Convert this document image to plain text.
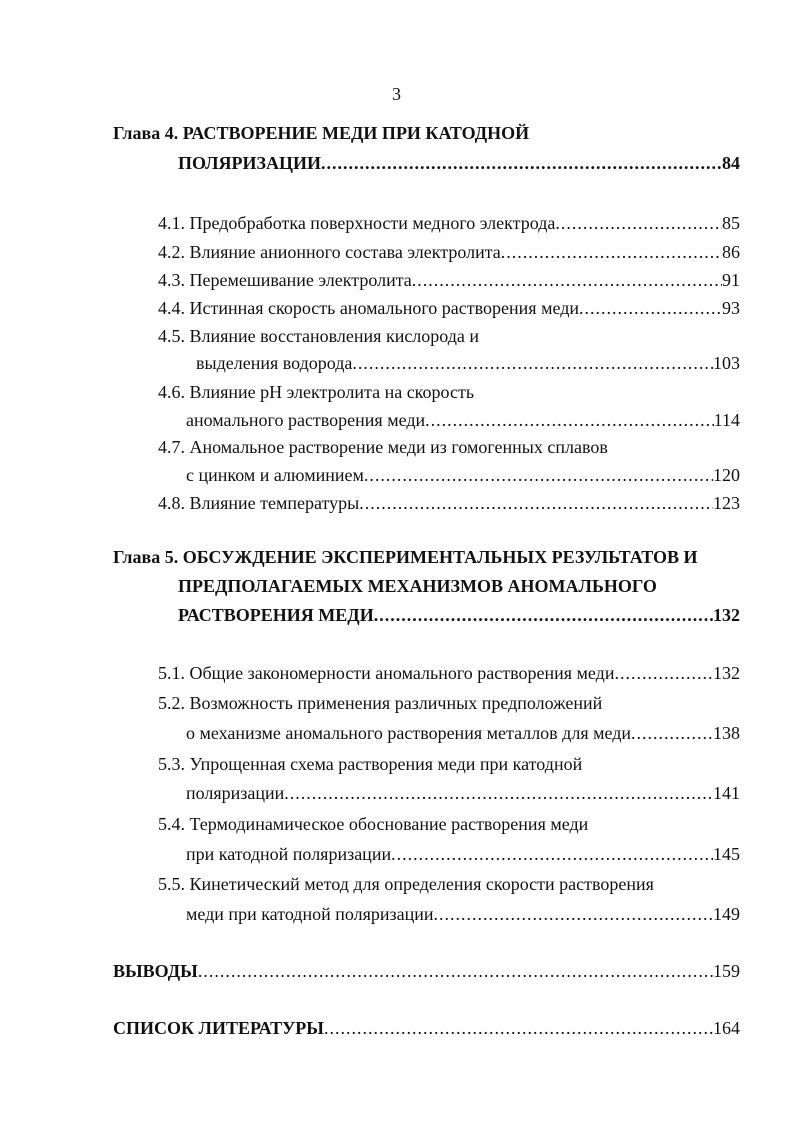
3
Глава 4. РАСТВОРЕНИЕ МЕДИ ПРИ КАТОДНОЙ
ПОЛЯРИЗАЦИИ .....	84
4.1. Предобработка поверхности медного электрода .....	85
4.2. Влияние анионного состава электролита .....	86
4.3. Перемешивание электролита .....	91
4.4. Истинная скорость аномального растворения меди .....	93
4.5. Влияние восстановления кислорода и
выделения водорода .....	103
4.6. Влияние pH электролита на скорость
аномального растворения меди .....	114
4.7. Аномальное растворение меди из гомогенных сплавов
с цинком и алюминием .....	120
4.8. Влияние температуры .....	123
Глава 5. ОБСУЖДЕНИЕ ЭКСПЕРИМЕНТАЛЬНЫХ РЕЗУЛЬТАТОВ И
ПРЕДПОЛАГАЕМЫХ МЕХАНИЗМОВ АНОМАЛЬНОГО
РАСТВОРЕНИЯ МЕДИ .....	132
5.1. Общие закономерности аномального растворения меди .....	132
5.2. Возможность применения различных предположений
о механизме аномального растворения металлов для меди .....	138
5.3. Упрощенная схема растворения меди при катодной
поляризации .....	141
5.4. Термодинамическое обоснование растворения меди
при катодной поляризации .....	145
5.5. Кинетический метод для определения скорости растворения
меди при катодной поляризации .....	149
ВЫВОДЫ .....	159
СПИСОК ЛИТЕРАТУРЫ .....	164
